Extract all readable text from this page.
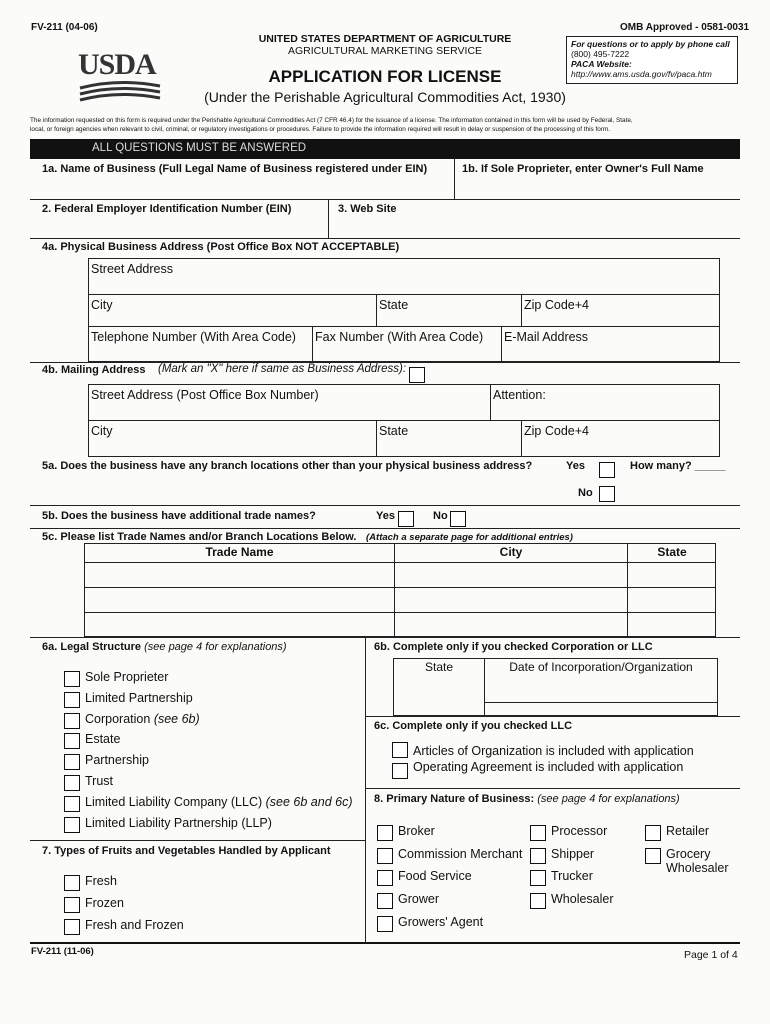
FV-211 (04-06)	OMB Approved - 0581-0031
USDA
UNITED STATES DEPARTMENT OF AGRICULTURE
AGRICULTURAL MARKETING SERVICE
APPLICATION FOR LICENSE
(Under the Perishable Agricultural Commodities Act, 1930)
For questions or to apply by phone call
(800) 495-7222
PACA Website:
http://www.ams.usda.gov/fv/paca.htm
The information requested on this form is required under the Perishable Agricultural Commodities Act (7 CFR 46.4) for the issuance of a license. The information contained in this form will be used by Federal, State,
local, or foreign agencies when relevant to civil, criminal, or regulatory investigations or procedures. Failure to provide the information required will result in delay or suspension of the processing of this form.
ALL QUESTIONS MUST BE ANSWERED
1a. Name of Business (Full Legal Name of Business registered under EIN)	1b. If Sole Proprieter, enter Owner's Full Name
2. Federal Employer Identification Number (EIN)	3. Web Site
4a. Physical Business Address (Post Office Box NOT ACCEPTABLE)
Street Address
City	State	Zip Code+4
Telephone Number (With Area Code)	Fax Number (With Area Code)	E-Mail Address
4b. Mailing Address (Mark an "X" here if same as Business Address):
Street Address (Post Office Box Number)	Attention:
City	State	Zip Code+4
5a. Does the business have any branch locations other than your physical business address?	Yes	How many? _____
No
5b. Does the business have additional trade names?	Yes	No
5c. Please list Trade Names and/or Branch Locations Below. (Attach a separate page for additional entries)
Trade Name	City	State
6a. Legal Structure (see page 4 for explanations)
Sole Proprieter
Limited Partnership
Corporation (see 6b)
Estate
Partnership
Trust
Limited Liability Company (LLC) (see 6b and 6c)
Limited Liability Partnership (LLP)
7. Types of Fruits and Vegetables Handled by Applicant
Fresh
Frozen
Fresh and Frozen
6b. Complete only if you checked Corporation or LLC
State	Date of Incorporation/Organization
6c. Complete only if you checked LLC
Articles of Organization is included with application
Operating Agreement is included with application
8. Primary Nature of Business: (see page 4 for explanations)
Broker
Commission Merchant
Food Service
Grower
Growers' Agent
Processor
Shipper
Trucker
Wholesaler
Retailer
Grocery
Wholesaler
FV-211 (11-06)	Page 1 of 4
